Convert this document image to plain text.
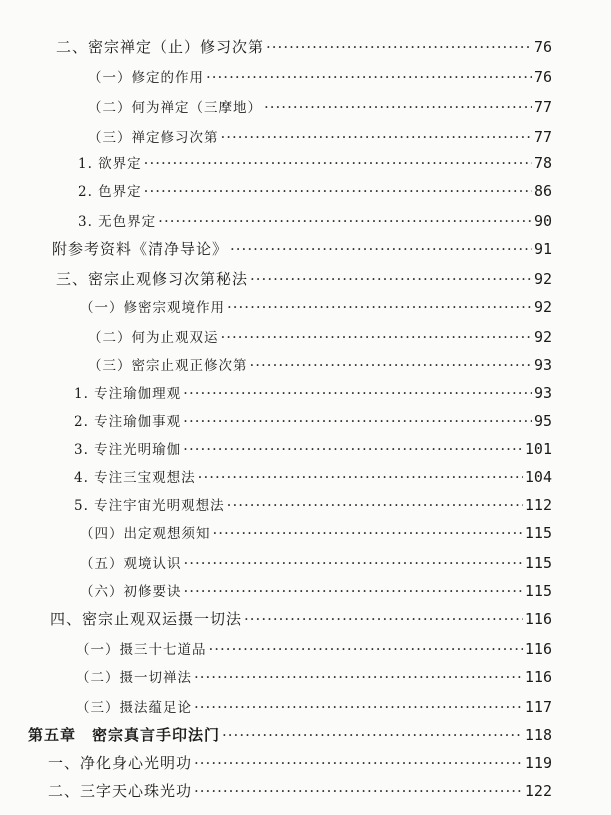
二、密宗禅定（止）修习次第 ·····	76
（一）修定的作用 ·····	76
（二）何为禅定（三摩地） ·····	77
（三）禅定修习次第 ·····	77
1. 欲界定 ·····	78
2. 色界定 ·····	86
3. 无色界定 ·····	90
附参考资料《清净导论》 ·····	91
三、密宗止观修习次第秘法 ·····	92
（一）修密宗观境作用 ·····	92
（二）何为止观双运 ·····	92
（三）密宗止观正修次第 ·····	93
1. 专注瑜伽理观 ·····	93
2. 专注瑜伽事观 ·····	95
3. 专注光明瑜伽 ·····	101
4. 专注三宝观想法 ·····	104
5. 专注宇宙光明观想法 ·····	112
（四）出定观想须知 ·····	115
（五）观境认识 ·····	115
（六）初修要诀 ·····	115
四、密宗止观双运摄一切法 ·····	116
（一）摄三十七道品 ·····	116
（二）摄一切禅法 ·····	116
（三）摄法蕴足论 ·····	117
第五章　密宗真言手印法门 ·····	118
一、净化身心光明功 ·····	119
二、三字天心珠光功 ·····	122
